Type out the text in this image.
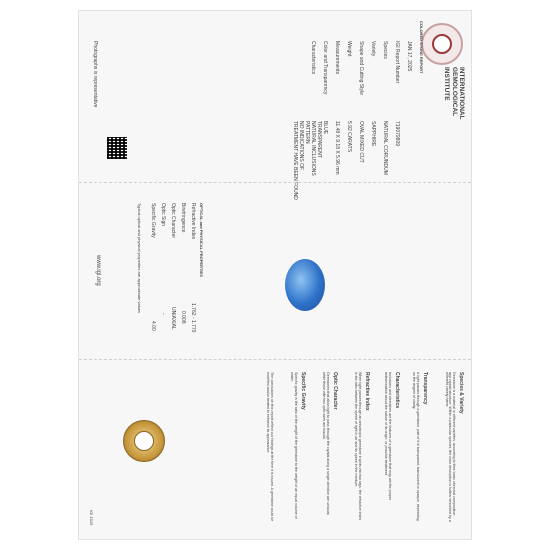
INTERNATIONAL
GEMOLOGICAL
INSTITUTE
COLORED STONE REPORT
JAN 17, 2025
IGI Report Number
Species
Variety
Shape and Cutting Style
Weight
Measurements
Color and Transparency
Characteristics
719079809
NATURAL CORUNDUM
SAPPHIRE
OVAL MIXED CUT
5.92 CARATS
11.48 X 9.18 X 5.96 mm
BLUE
TRANSPARENT
NATURAL INCLUSIONS
PATTERN
NO INDICATIONS OF
TREATMENT HAVE BEEN FOUND
Photographs is representative
OPTICAL and PHYSICAL PROPERTIES
Refractive Index
Birefringence
Optic Character
Optic Sign
Specific Gravity
1.762 - 1.770
0.008
UNIAXIAL
-
4.00
Typical optical and physical properties are approximate values
www.igi.org
Species & Variety
Gemstone is a material in different varieties, according to their basic chemical composition and crystal structure. Within a particular species, the color description is further described by a different variety name.
Transparency
A light passes through a gemstone, part of it in transparent, translucent or opaque, depending on the degree of clarity.
Characteristics
Inclusions and blemishes are the features of a gemstone that may aid the proper determination about the nature of its origin, or possible treatment.
Refractive Index
When light passes through an anisotropic gemstone it splits into two rays; the refractive index is the ratio between the speed of light in air and its speed in the medium.
Optic Character
Gemstones that allow light to pass through the crystal along a single direction are uniaxial, while those with two optic axes are biaxial.
Specific Gravity
Specific gravity is the ratio of the weight of the gemstone to the weight of an equal volume of water.
The conclusions on this report reflect our findings at the time it is issued. A gemstone could be modified and/or treated to enhance its appearance.
IGI 1925
